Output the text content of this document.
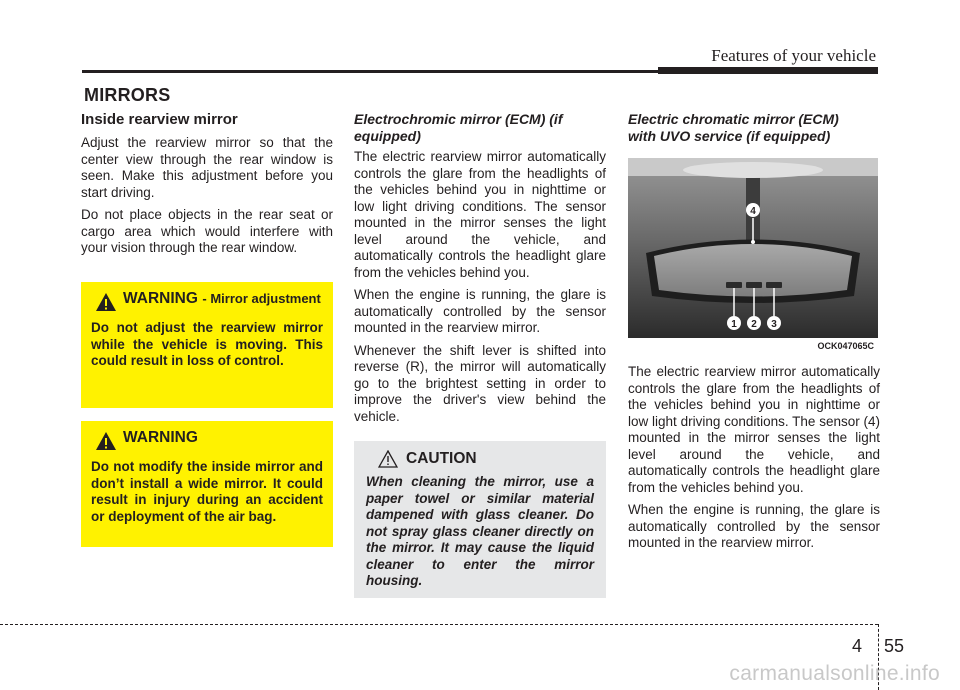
Features of your vehicle
MIRRORS
Inside rearview mirror

Adjust the rearview mirror so that the center view through the rear window is seen. Make this adjustment before you start driving.

Do not place objects in the rear seat or cargo area which would interfere with your vision through the rear window.

WARNING - Mirror adjustment

Do not adjust the rearview mirror while the vehicle is moving. This could result in loss of control.

WARNING

Do not modify the inside mirror and don’t install a wide mirror. It could result in injury during an accident or deployment of the air bag.

Electrochromic mirror (ECM) (if equipped)

The electric rearview mirror automatically controls the glare from the headlights of the vehicles behind you in nighttime or low light driving conditions. The sensor mounted in the mirror senses the light level around the vehicle, and automatically controls the headlight glare from the vehicles behind you.

When the engine is running, the glare is automatically controlled by the sensor mounted in the rearview mirror.

Whenever the shift lever is shifted into reverse (R), the mirror will automatically go to the brightest setting in order to improve the driver's view behind the vehicle.

CAUTION

When cleaning the mirror, use a paper towel or similar material dampened with glass cleaner. Do not spray glass cleaner directly on the mirror. It may cause the liquid cleaner to enter the mirror housing.

Electric chromatic mirror (ECM) with UVO service (if equipped)
4
1 2 3
OCK047065C

The electric rearview mirror automatically controls the glare from the headlights of the vehicles behind you in nighttime or low light driving conditions. The sensor (4) mounted in the mirror senses the light level around the vehicle, and automatically controls the headlight glare from the vehicles behind you.

When the engine is running, the glare is automatically controlled by the sensor mounted in the rearview mirror.

4 55
carmanualsonline.info
